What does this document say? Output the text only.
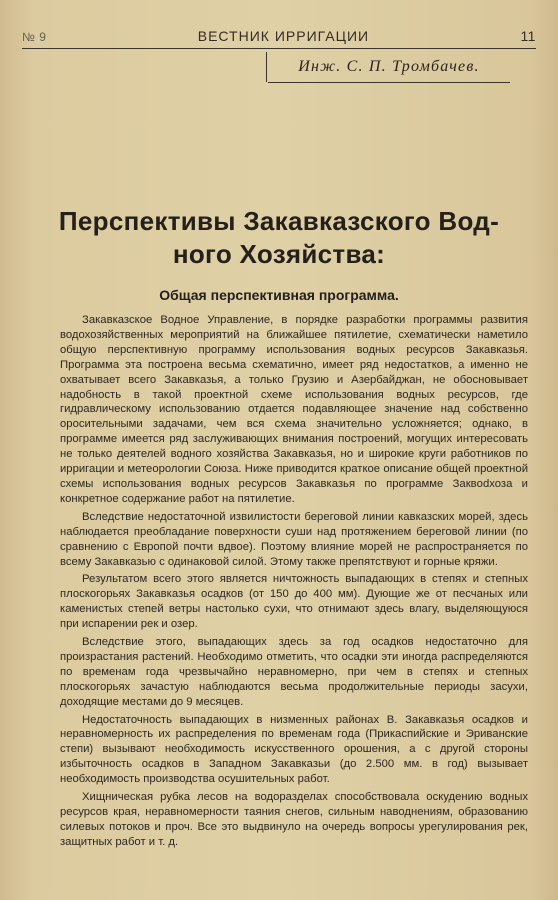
№ 9	ВЕСТНИК ИРРИГАЦИИ	11
Инж. С. П. Тромбачев.
Перспективы Закавказского Вод-
ного Хозяйства:
Общая перспективная программа.

Закавказское Водное Управление, в порядке разработки программы развития водохозяйственных мероприятий на ближайшее пятилетие, схематически наметило общую перспективную программу использования водных ресурсов Закавказья. Программа эта построена весьма схематично, имеет ряд недостатков, а именно не охватывает всего Закавказья, а только Грузию и Азербайджан, не обосновывает надобность в такой проектной схеме использования водных ресурсов, где гидравлическому использованию отдается подавляющее значение над собственно оросительными задачами, чем вся схема значительно усложняется; однако, в программе имеется ряд заслуживающих внимания построений, могущих интересовать не только деятелей водного хозяйства Закавказья, но и широкие круги работников по ирригации и метеорологии Союза. Ниже приводится краткое описание общей проектной схемы использования водных ресурсов Закавказья по программе Заквodхоза и конкретное содержание работ на пятилетие.

Вследствие недостаточной извилистости береговой линии кавказских морей, здесь наблюдается преобладание поверхности суши над протяжением береговой линии (по сравнению с Европой почти вдвое). Поэтому влияние морей не распространяется по всему Закавказью с одинаковой силой. Этому также препятствуют и горные кряжи.

Результатом всего этого является ничтожность выпадающих в степях и степных плоскогорьях Закавказья осадков (от 150 до 400 мм). Дующие же от песчаных или каменистых степей ветры настолько сухи, что отнимают здесь влагу, выделяющуюся при испарении рек и озер.

Вследствие этого, выпадающих здесь за год осадков недостаточно для произрастания растений. Необходимо отметить, что осадки эти иногда распределяются по временам года чрезвычайно неравномерно, при чем в степях и степных плоскогорьях зачастую наблюдаются весьма продолжительные периоды засухи, доходящие местами до 9 месяцев.

Недостаточность выпадающих в низменных районах В. Закавказья осадков и неравномерность их распределения по временам года (Прикаспийские и Эриванские степи) вызывают необходимость искусственного орошения, а с другой стороны избыточность осадков в Западном Закавказьи (до 2.500 мм. в год) вызывает необходимость производства осушительных работ.

Хищническая рубка лесов на водоразделах способствовала оскудению водных ресурсов края, неравномерности таяния снегов, сильным наводнениям, образованию силевых потоков и проч. Все это выдвинуло на очередь вопросы урегулирования рек, защитных работ и т. д.
